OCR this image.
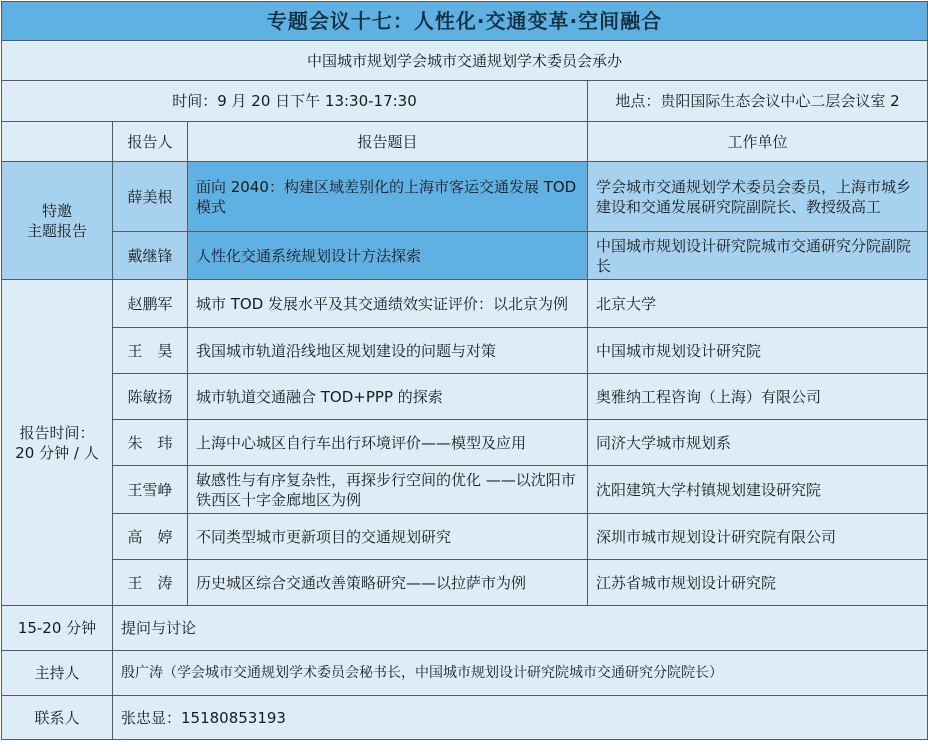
专题会议十七：人性化·交通变革·空间融合			
中国城市规划学会城市交通规划学术委员会承办			
时间：9 月 20 日下午 13:30-17:30			地点：贵阳国际生态会议中心二层会议室 2
	报告人	报告题目	工作单位
特邀
主题报告	薛美根	面向 2040：构建区域差别化的上海市客运交通发展 TOD 模式	学会城市交通规划学术委员会委员，上海市城乡建设和交通发展研究院副院长、教授级高工
	戴继锋	人性化交通系统规划设计方法探索	中国城市规划设计研究院城市交通研究分院副院长
报告时间：
20 分钟 / 人	赵鹏军	城市 TOD 发展水平及其交通绩效实证评价：以北京为例	北京大学
	王　昊	我国城市轨道沿线地区规划建设的问题与对策	中国城市规划设计研究院
	陈敏扬	城市轨道交通融合 TOD+PPP 的探索	奥雅纳工程咨询（上海）有限公司
	朱　玮	上海中心城区自行车出行环境评价——模型及应用	同济大学城市规划系
	王雪峥	敏感性与有序复杂性，再探步行空间的优化 ——以沈阳市铁西区十字金廊地区为例	沈阳建筑大学村镇规划建设研究院
	高　婷	不同类型城市更新项目的交通规划研究	深圳市城市规划设计研究院有限公司
	王　涛	历史城区综合交通改善策略研究——以拉萨市为例	江苏省城市规划设计研究院
15-20 分钟	提问与讨论		
主持人	殷广涛（学会城市交通规划学术委员会秘书长，中国城市规划设计研究院城市交通研究分院院长）		
联系人	张忠显：15180853193		
